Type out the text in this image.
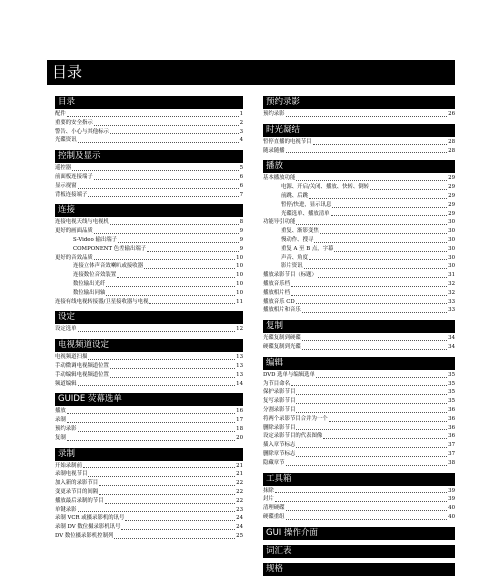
目录
目录
配件	1
重要的安全指示	2
警告、小心与其他标示	3
光碟资讯	4
控制及显示
遥控器	5
前面板连接端子	6
显示视窗	6
背板连接端子	7
连接
连接电视天线与电视机	8
更好的画面品质	9
S-Video 输出端子	9
COMPONENT 色差输出端子	9
更好的音效品质	10
连接立体声音效喇叭或接收器	10
连接数位音效装置	10
数位输出光纤	10
数位输出同轴	10
连接有线电视转接器/卫星接收器与电视	11
设定
设定选单	12
电视频道设定
电视频道扫描	13
手动微调电视频道位置	13
手动编辑电视频道位置	13
频道编辑	14
GUIDE 荧幕选单
播放	16
录制	17
预约录影	18
复制	20
录制
开始录制前	21
录制电视节目	21
加入新的录影节目	22
变更录节目的间隔	22
播放最后录制的节目	22
单键录影	23
录制 VCR 或摄录影机的讯号	24
录制 DV 数位摄录影机讯号	24
DV 数位摄录影机控制列	25
预约录影
预约录影	26
时光凝结
暂停直播的电视节目	28
随录随播	28
播放
基本播放功能	29
电源、开启/关闭、播放、快转、倒转	29
前跳、后跳	29
暂停/快进，显示讯息	29
光碟选单、播放清单	29
功能导引功能	30
重复、渐影变焦	30
慢动作、搜寻	30
重复 A 至 B 点，字幕	30
声音、角度	30
影片资讯	30
播放录影节目（标题）	31
播放音乐档	32
播放相片档	32
播放音乐 CD	33
播放相片和音乐	33
复制
光碟复制到硬碟	34
硬碟复制到光碟	34
编辑
DVD 选单与编辑选单	35
为节目命名	35
保护录影节目	35
复写录影节目	35
分割录影节目	36
将两个录影节目合并为一个	36
删除录影节目	36
设定录影节目的代表图像	36
插入章节标志	37
删除章节标志	37
隐藏章节	38
工具箱
抹除	39
封片	39
清理硬碟	40
硬碟重组	40
GUI 操作介面
词汇表
规格
